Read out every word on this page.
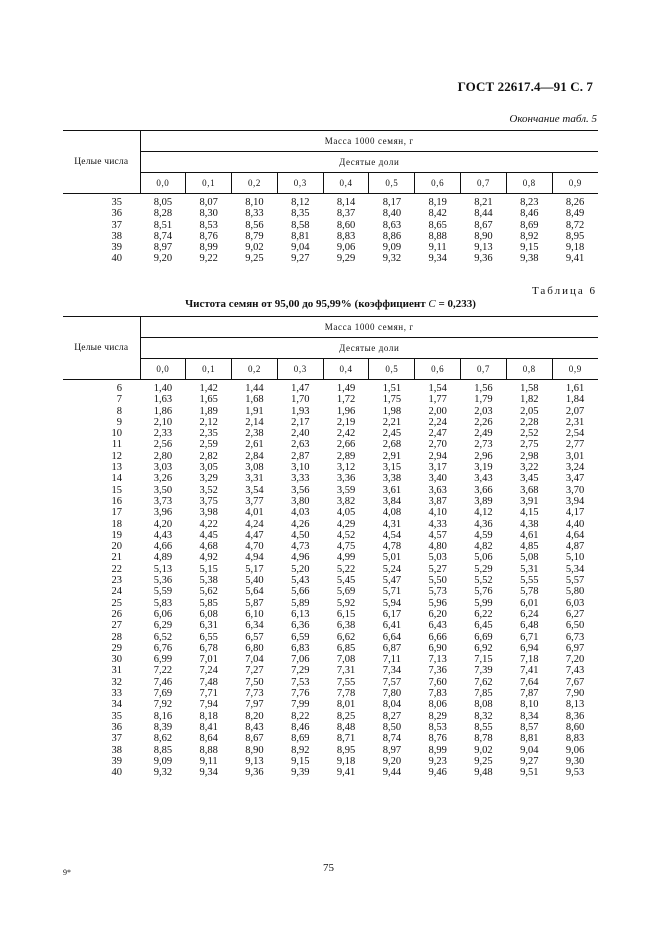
ГОСТ 22617.4—91 С. 7
Окончание табл. 5
Целые числа	Масса 1000 семян, г									
	Десятые доли									
	0,0	0,1	0,2	0,3	0,4	0,5	0,6	0,7	0,8	0,9
35	8,05	8,07	8,10	8,12	8,14	8,17	8,19	8,21	8,23	8,26
36	8,28	8,30	8,33	8,35	8,37	8,40	8,42	8,44	8,46	8,49
37	8,51	8,53	8,56	8,58	8,60	8,63	8,65	8,67	8,69	8,72
38	8,74	8,76	8,79	8,81	8,83	8,86	8,88	8,90	8,92	8,95
39	8,97	8,99	9,02	9,04	9,06	9,09	9,11	9,13	9,15	9,18
40	9,20	9,22	9,25	9,27	9,29	9,32	9,34	9,36	9,38	9,41
Таблица 6
Чистота семян от 95,00 до 95,99% (коэффициент C = 0,233)
Целые числа	Масса 1000 семян, г									
	Десятые доли									
	0,0	0,1	0,2	0,3	0,4	0,5	0,6	0,7	0,8	0,9
6	1,40	1,42	1,44	1,47	1,49	1,51	1,54	1,56	1,58	1,61
7	1,63	1,65	1,68	1,70	1,72	1,75	1,77	1,79	1,82	1,84
8	1,86	1,89	1,91	1,93	1,96	1,98	2,00	2,03	2,05	2,07
9	2,10	2,12	2,14	2,17	2,19	2,21	2,24	2,26	2,28	2,31
10	2,33	2,35	2,38	2,40	2,42	2,45	2,47	2,49	2,52	2,54
11	2,56	2,59	2,61	2,63	2,66	2,68	2,70	2,73	2,75	2,77
12	2,80	2,82	2,84	2,87	2,89	2,91	2,94	2,96	2,98	3,01
13	3,03	3,05	3,08	3,10	3,12	3,15	3,17	3,19	3,22	3,24
14	3,26	3,29	3,31	3,33	3,36	3,38	3,40	3,43	3,45	3,47
15	3,50	3,52	3,54	3,56	3,59	3,61	3,63	3,66	3,68	3,70
16	3,73	3,75	3,77	3,80	3,82	3,84	3,87	3,89	3,91	3,94
17	3,96	3,98	4,01	4,03	4,05	4,08	4,10	4,12	4,15	4,17
18	4,20	4,22	4,24	4,26	4,29	4,31	4,33	4,36	4,38	4,40
19	4,43	4,45	4,47	4,50	4,52	4,54	4,57	4,59	4,61	4,64
20	4,66	4,68	4,70	4,73	4,75	4,78	4,80	4,82	4,85	4,87
21	4,89	4,92	4,94	4,96	4,99	5,01	5,03	5,06	5,08	5,10
22	5,13	5,15	5,17	5,20	5,22	5,24	5,27	5,29	5,31	5,34
23	5,36	5,38	5,40	5,43	5,45	5,47	5,50	5,52	5,55	5,57
24	5,59	5,62	5,64	5,66	5,69	5,71	5,73	5,76	5,78	5,80
25	5,83	5,85	5,87	5,89	5,92	5,94	5,96	5,99	6,01	6,03
26	6,06	6,08	6,10	6,13	6,15	6,17	6,20	6,22	6,24	6,27
27	6,29	6,31	6,34	6,36	6,38	6,41	6,43	6,45	6,48	6,50
28	6,52	6,55	6,57	6,59	6,62	6,64	6,66	6,69	6,71	6,73
29	6,76	6,78	6,80	6,83	6,85	6,87	6,90	6,92	6,94	6,97
30	6,99	7,01	7,04	7,06	7,08	7,11	7,13	7,15	7,18	7,20
31	7,22	7,24	7,27	7,29	7,31	7,34	7,36	7,39	7,41	7,43
32	7,46	7,48	7,50	7,53	7,55	7,57	7,60	7,62	7,64	7,67
33	7,69	7,71	7,73	7,76	7,78	7,80	7,83	7,85	7,87	7,90
34	7,92	7,94	7,97	7,99	8,01	8,04	8,06	8,08	8,10	8,13
35	8,16	8,18	8,20	8,22	8,25	8,27	8,29	8,32	8,34	8,36
36	8,39	8,41	8,43	8,46	8,48	8,50	8,53	8,55	8,57	8,60
37	8,62	8,64	8,67	8,69	8,71	8,74	8,76	8,78	8,81	8,83
38	8,85	8,88	8,90	8,92	8,95	8,97	8,99	9,02	9,04	9,06
39	9,09	9,11	9,13	9,15	9,18	9,20	9,23	9,25	9,27	9,30
40	9,32	9,34	9,36	9,39	9,41	9,44	9,46	9,48	9,51	9,53
9*	75
